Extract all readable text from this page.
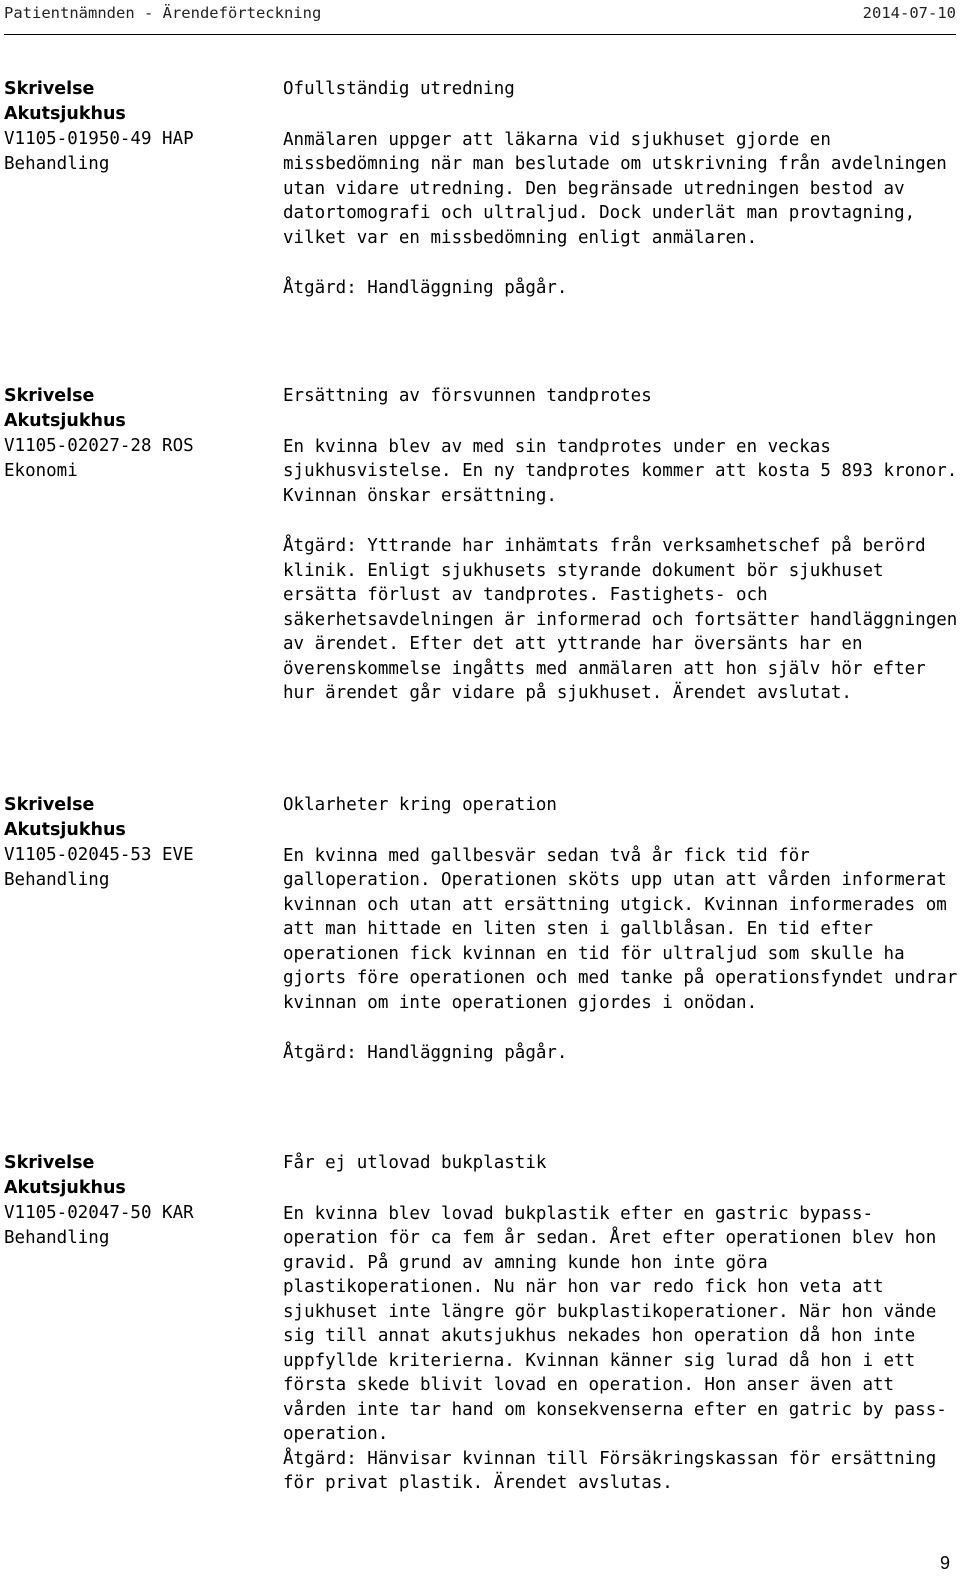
Patientnämnden - Ärendeförteckning	2014-07-10
Skrivelse
Akutsjukhus
V1105-01950-49 HAP
Behandling

Ofullständig utredning

Anmälaren uppger att läkarna vid sjukhuset gjorde en missbedömning när man beslutade om utskrivning från avdelningen utan vidare utredning. Den begränsade utredningen bestod av datortomografi och ultraljud. Dock underlät man provtagning, vilket var en missbedömning enligt anmälaren.

Åtgärd: Handläggning pågår.

Skrivelse
Akutsjukhus
V1105-02027-28 ROS
Ekonomi

Ersättning av försvunnen tandprotes

En kvinna blev av med sin tandprotes under en veckas sjukhusvistelse. En ny tandprotes kommer att kosta 5 893 kronor. Kvinnan önskar ersättning.

Åtgärd: Yttrande har inhämtats från verksamhetschef på berörd klinik. Enligt sjukhusets styrande dokument bör sjukhuset ersätta förlust av tandprotes. Fastighets- och säkerhetsavdelningen är informerad och fortsätter handläggningen av ärendet. Efter det att yttrande har översänts har en överenskommelse ingåtts med anmälaren att hon själv hör efter hur ärendet går vidare på sjukhuset. Ärendet avslutat.

Skrivelse
Akutsjukhus
V1105-02045-53 EVE
Behandling

Oklarheter kring operation

En kvinna med gallbesvär sedan två år fick tid för galloperation. Operationen sköts upp utan att vården informerat kvinnan och utan att ersättning utgick. Kvinnan informerades om att man hittade en liten sten i gallblåsan. En tid efter operationen fick kvinnan en tid för ultraljud som skulle ha gjorts före operationen och med tanke på operationsfyndet undrar kvinnan om inte operationen gjordes i onödan.

Åtgärd: Handläggning pågår.

Skrivelse
Akutsjukhus
V1105-02047-50 KAR
Behandling

Får ej utlovad bukplastik

En kvinna blev lovad bukplastik efter en gastric bypass-operation för ca fem år sedan. Året efter operationen blev hon gravid. På grund av amning kunde hon inte göra plastikoperationen. Nu när hon var redo fick hon veta att sjukhuset inte längre gör bukplastikoperationer. När hon vände sig till annat akutsjukhus nekades hon operation då hon inte uppfyllde kriterierna. Kvinnan känner sig lurad då hon i ett första skede blivit lovad en operation. Hon anser även att vården inte tar hand om konsekvenserna efter en gatric by pass-operation.

Åtgärd: Hänvisar kvinnan till Försäkringskassan för ersättning för privat plastik. Ärendet avslutas.

9
